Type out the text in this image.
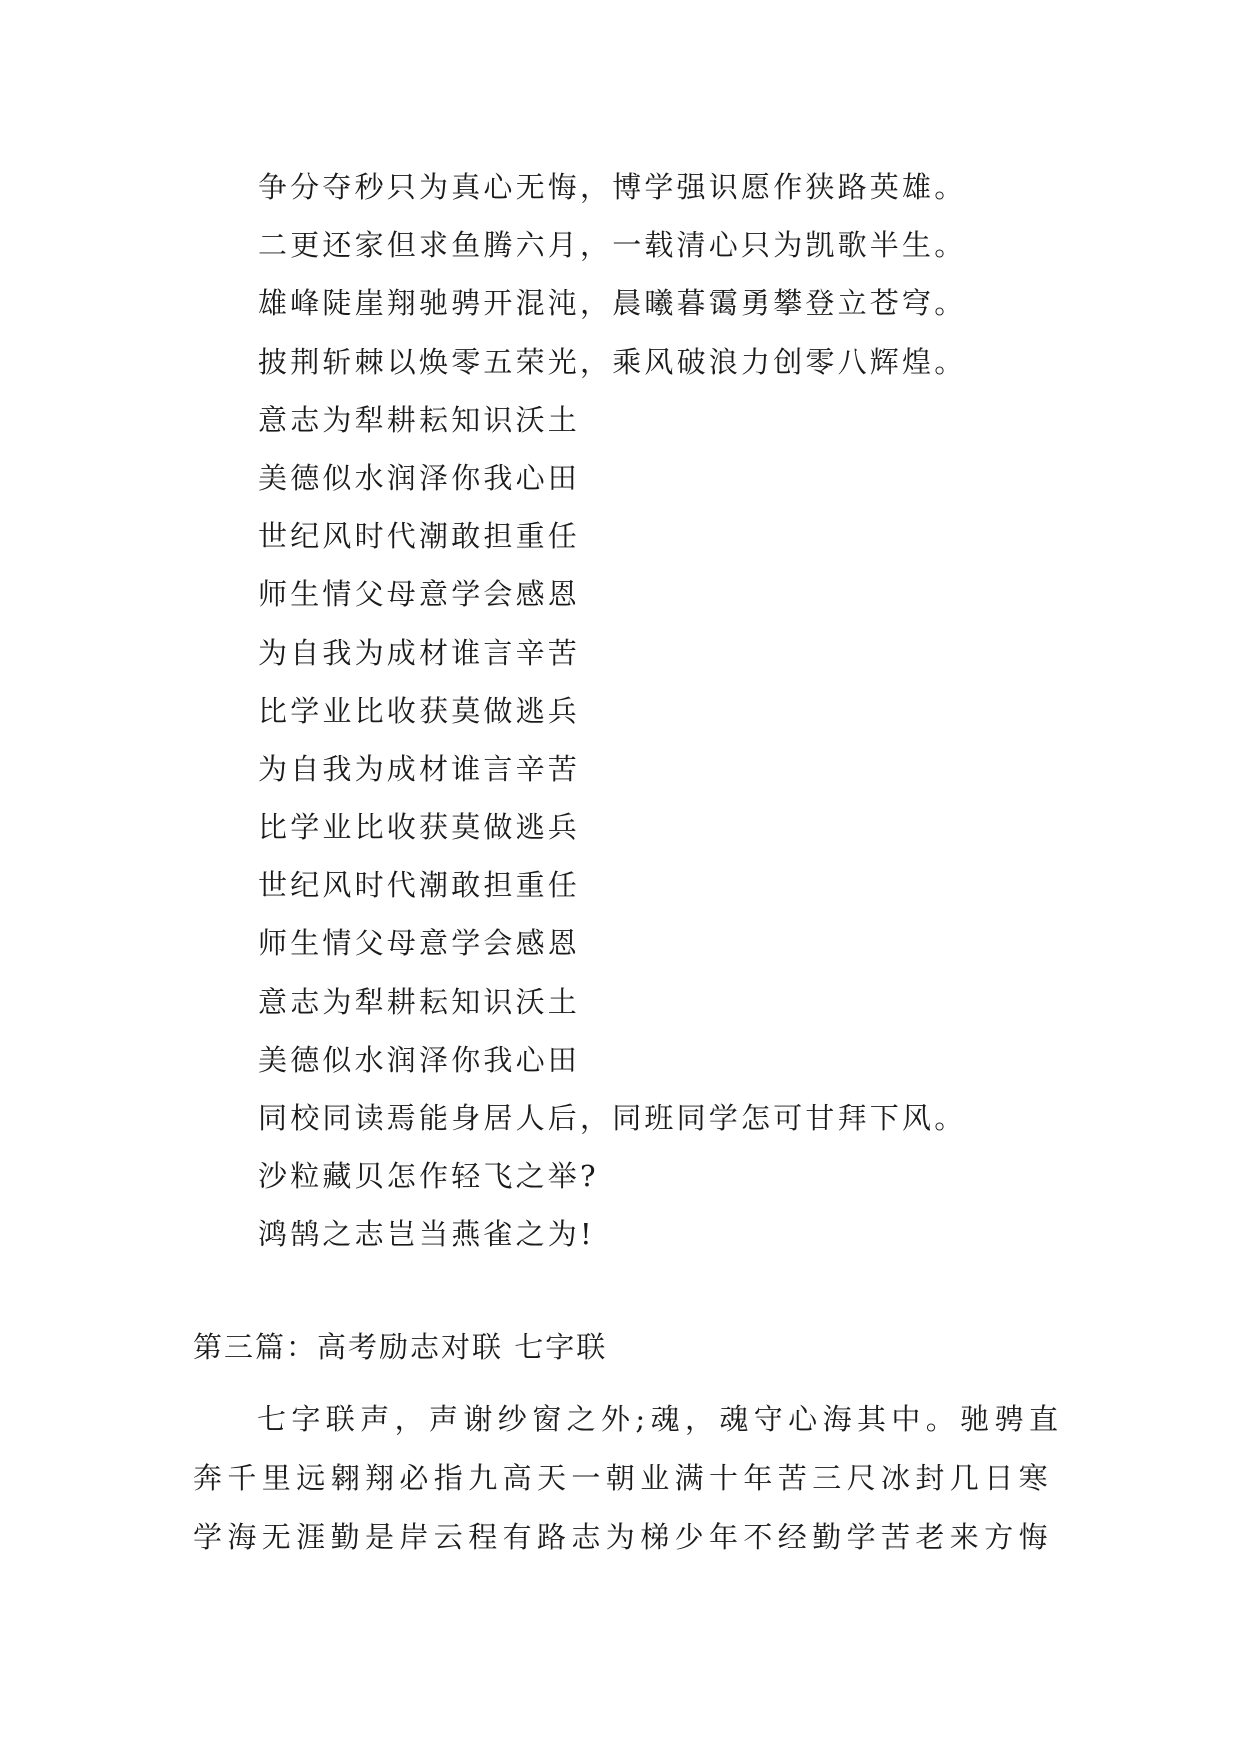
争分夺秒只为真心无悔，博学强识愿作狭路英雄。
二更还家但求鱼腾六月，一载清心只为凯歌半生。
雄峰陡崖翔驰骋开混沌，晨曦暮霭勇攀登立苍穹。
披荆斩棘以焕零五荣光，乘风破浪力创零八辉煌。
意志为犁耕耘知识沃土
美德似水润泽你我心田
世纪风时代潮敢担重任
师生情父母意学会感恩
为自我为成材谁言辛苦
比学业比收获莫做逃兵
为自我为成材谁言辛苦
比学业比收获莫做逃兵
世纪风时代潮敢担重任
师生情父母意学会感恩
意志为犁耕耘知识沃土
美德似水润泽你我心田
同校同读焉能身居人后，同班同学怎可甘拜下风。
沙粒藏贝怎作轻飞之举?
鸿鹄之志岂当燕雀之为!
第三篇：高考励志对联 七字联
七字联声，声谢纱窗之外;魂，魂守心海其中。驰骋直
奔千里远翱翔必指九高天一朝业满十年苦三尺冰封几日寒
学海无涯勤是岸云程有路志为梯少年不经勤学苦老来方悔
